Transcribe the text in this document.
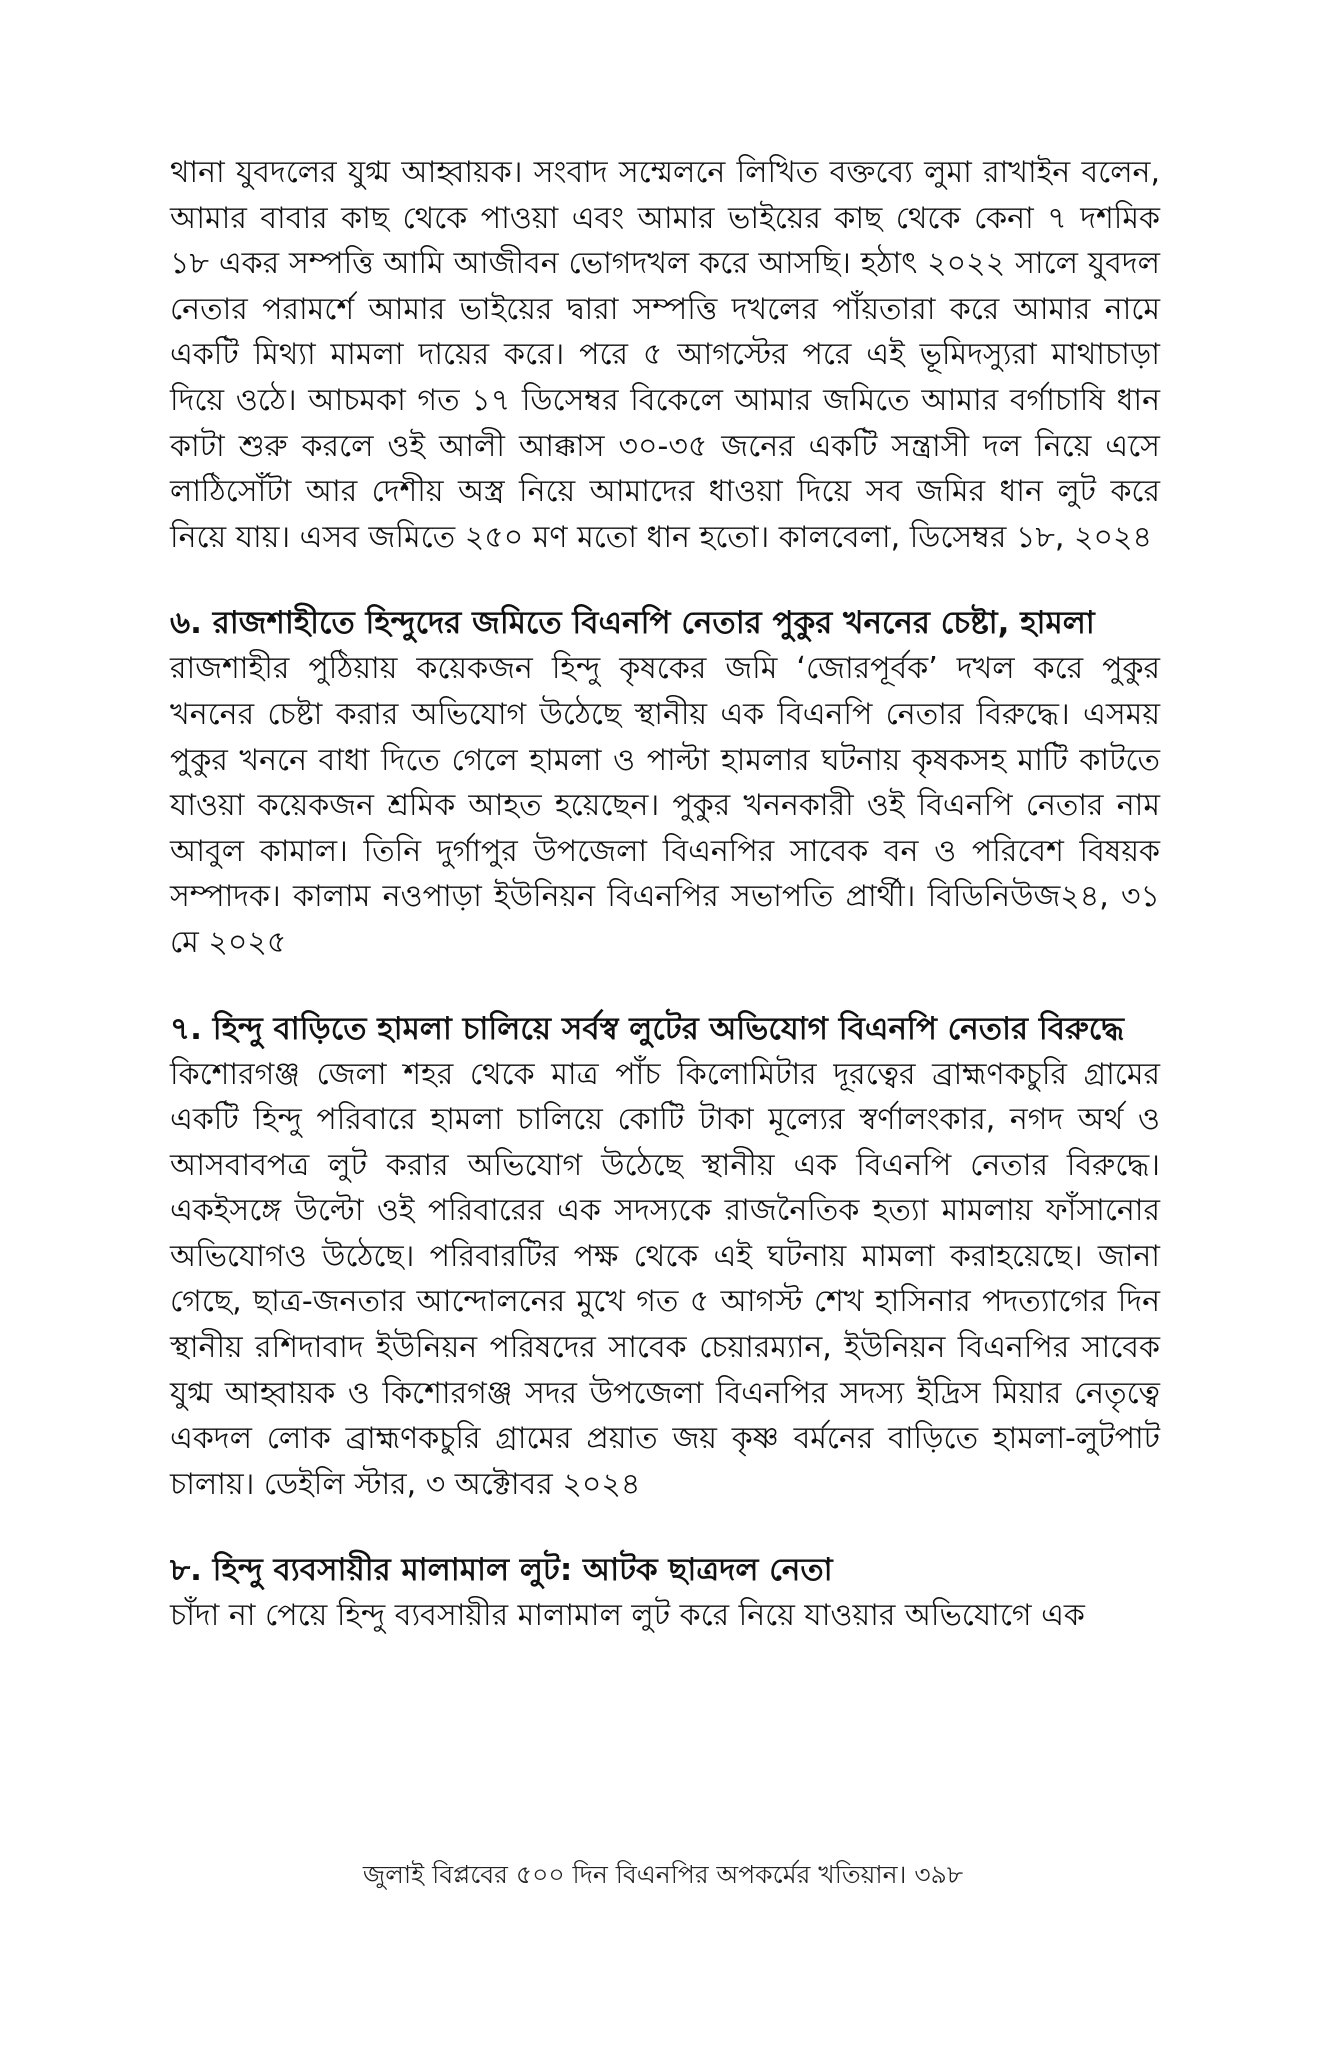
থানা যুবদলের যুগ্ম আহ্বায়ক। সংবাদ সম্মেলনে লিখিত বক্তব্যে লুমা রাখাইন বলেন, আমার বাবার কাছ থেকে পাওয়া এবং আমার ভাইয়ের কাছ থেকে কেনা ৭ দশমিক ১৮ একর সম্পত্তি আমি আজীবন ভোগদখল করে আসছি। হঠাৎ ২০২২ সালে যুবদল নেতার পরামর্শে আমার ভাইয়ের দ্বারা সম্পত্তি দখলের পাঁয়তারা করে আমার নামে একটি মিথ্যা মামলা দায়ের করে। পরে ৫ আগস্টের পরে এই ভূমিদস্যুরা মাথাচাড়া দিয়ে ওঠে। আচমকা গত ১৭ ডিসেম্বর বিকেলে আমার জমিতে আমার বর্গাচাষি ধান কাটা শুরু করলে ওই আলী আক্কাস ৩০-৩৫ জনের একটি সন্ত্রাসী দল নিয়ে এসে লাঠিসোঁটা আর দেশীয় অস্ত্র নিয়ে আমাদের ধাওয়া দিয়ে সব জমির ধান লুট করে নিয়ে যায়। এসব জমিতে ২৫০ মণ মতো ধান হতো। কালবেলা, ডিসেম্বর ১৮, ২০২৪

৬. রাজশাহীতে হিন্দুদের জমিতে বিএনপি নেতার পুকুর খননের চেষ্টা, হামলা

রাজশাহীর পুঠিয়ায় কয়েকজন হিন্দু কৃষকের জমি ‘জোরপূর্বক’ দখল করে পুকুর খননের চেষ্টা করার অভিযোগ উঠেছে স্থানীয় এক বিএনপি নেতার বিরুদ্ধে। এসময় পুকুর খননে বাধা দিতে গেলে হামলা ও পাল্টা হামলার ঘটনায় কৃষকসহ মাটি কাটতে যাওয়া কয়েকজন শ্রমিক আহত হয়েছেন। পুকুর খননকারী ওই বিএনপি নেতার নাম আবুল কামাল। তিনি দুর্গাপুর উপজেলা বিএনপির সাবেক বন ও পরিবেশ বিষয়ক সম্পাদক। কালাম নওপাড়া ইউনিয়ন বিএনপির সভাপতি প্রার্থী। বিডিনিউজ২৪, ৩১ মে ২০২৫

৭. হিন্দু বাড়িতে হামলা চালিয়ে সর্বস্ব লুটের অভিযোগ বিএনপি নেতার বিরুদ্ধে

কিশোরগঞ্জ জেলা শহর থেকে মাত্র পাঁচ কিলোমিটার দূরত্বের ব্রাহ্মণকচুরি গ্রামের একটি হিন্দু পরিবারে হামলা চালিয়ে কোটি টাকা মূল্যের স্বর্ণালংকার, নগদ অর্থ ও আসবাবপত্র লুট করার অভিযোগ উঠেছে স্থানীয় এক বিএনপি নেতার বিরুদ্ধে। একইসঙ্গে উল্টো ওই পরিবারের এক সদস্যকে রাজনৈতিক হত্যা মামলায় ফাঁসানোর অভিযোগও উঠেছে। পরিবারটির পক্ষ থেকে এই ঘটনায় মামলা করাহয়েছে। জানা গেছে, ছাত্র-জনতার আন্দোলনের মুখে গত ৫ আগস্ট শেখ হাসিনার পদত্যাগের দিন স্থানীয় রশিদাবাদ ইউনিয়ন পরিষদের সাবেক চেয়ারম্যান, ইউনিয়ন বিএনপির সাবেক যুগ্ম আহ্বায়ক ও কিশোরগঞ্জ সদর উপজেলা বিএনপির সদস্য ইদ্রিস মিয়ার নেতৃত্বে একদল লোক ব্রাহ্মণকচুরি গ্রামের প্রয়াত জয় কৃষ্ণ বর্মনের বাড়িতে হামলা-লুটপাট চালায়। ডেইলি স্টার, ৩ অক্টোবর ২০২৪

৮. হিন্দু ব্যবসায়ীর মালামাল লুট: আটক ছাত্রদল নেতা

চাঁদা না পেয়ে হিন্দু ব্যবসায়ীর মালামাল লুট করে নিয়ে যাওয়ার অভিযোগে এক

জুলাই বিপ্লবের ৫০০ দিন বিএনপির অপকর্মের খতিয়ান। ৩৯৮
